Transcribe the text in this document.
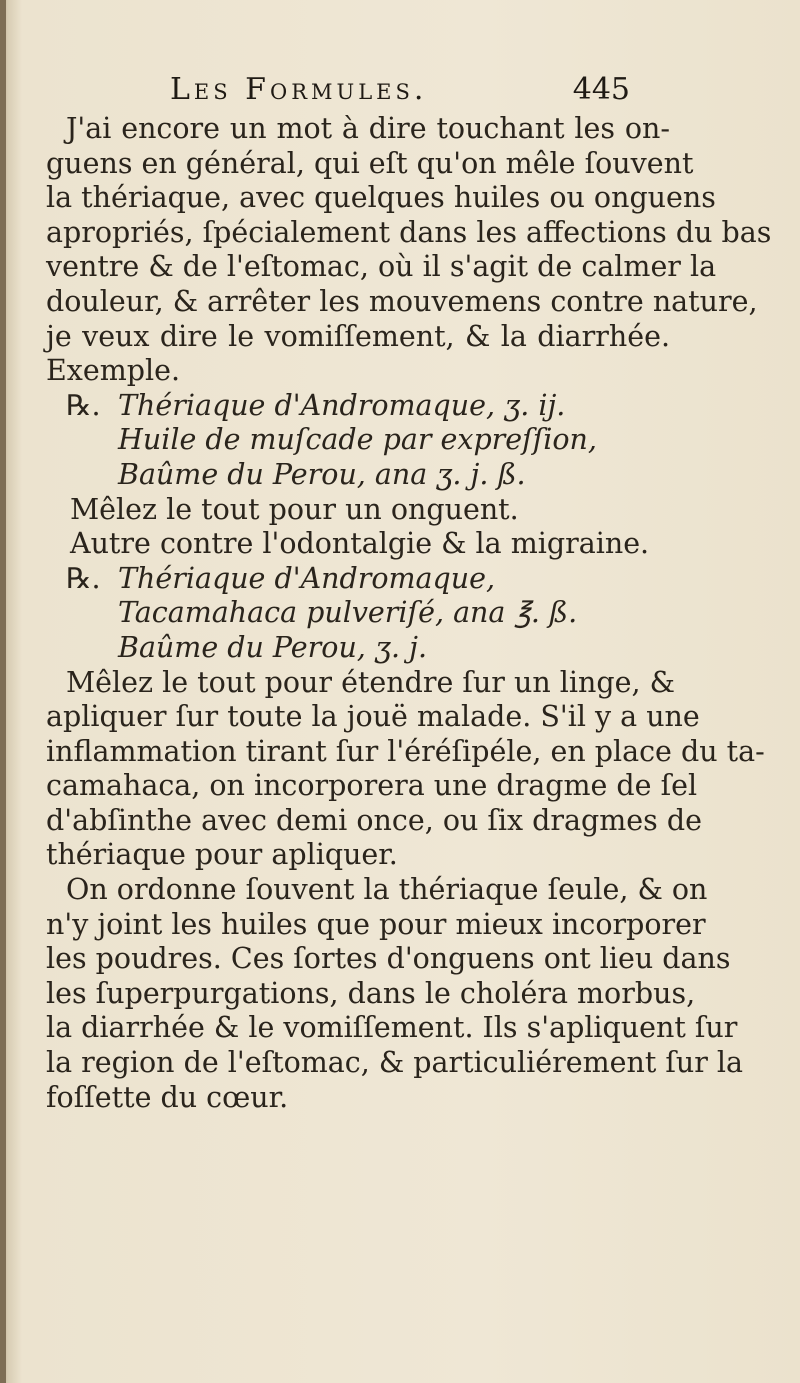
Les Formules.	445
J'ai encore un mot à dire touchant les on-
guens en général, qui eſt qu'on mêle ſouvent
la thériaque, avec quelques huiles ou onguens
apropriés, ſpécialement dans les affections du bas
ventre & de l'eſtomac, où il s'agit de calmer la
douleur, & arrêter les mouvemens contre nature,
je veux dire le vomiſſement, & la diarrhée.
Exemple.
℞. Thériaque d'Andromaque, ʒ. ij.
Huile de muſcade par expreſſion,
Baûme du Perou, ana ʒ. j. ß.
Mêlez le tout pour un onguent.
Autre contre l'odontalgie & la migraine.
℞. Thériaque d'Andromaque,
Tacamahaca pulveriſé, ana ℥. ß.
Baûme du Perou, ʒ. j.
Mêlez le tout pour étendre ſur un linge, &
apliquer ſur toute la jouë malade. S'il y a une
inflammation tirant ſur l'éréſipéle, en place du ta-
camahaca, on incorporera une dragme de ſel
d'abſinthe avec demi once, ou ſix dragmes de
thériaque pour apliquer.
On ordonne ſouvent la thériaque ſeule, & on
n'y joint les huiles que pour mieux incorporer
les poudres. Ces ſortes d'onguens ont lieu dans
les ſuperpurgations, dans le choléra morbus,
la diarrhée & le vomiſſement. Ils s'apliquent ſur
la region de l'eſtomac, & particuliérement ſur la
foſſette du cœur.
